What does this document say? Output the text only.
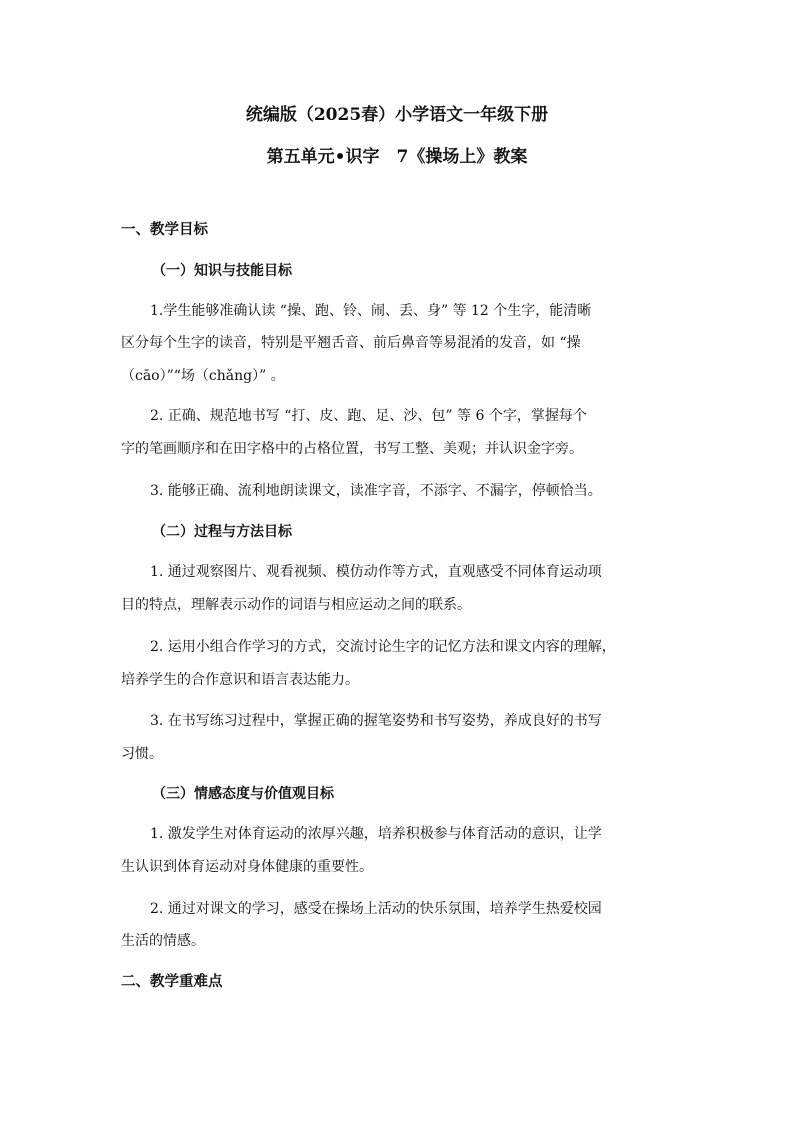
统编版（2025春）小学语文一年级下册
第五单元•识字　7《操场上》教案
一、教学目标
（一）知识与技能目标
1.学生能够准确认读 “操、跑、铃、闹、丢、身” 等 12 个生字，能清晰
区分每个生字的读音，特别是平翘舌音、前后鼻音等易混淆的发音，如 “操
（cāo）”“场（chǎng）” 。
2. 正确、规范地书写 “打、皮、跑、足、沙、包” 等 6 个字，掌握每个
字的笔画顺序和在田字格中的占格位置，书写工整、美观；并认识金字旁。
3. 能够正确、流利地朗读课文，读准字音，不添字、不漏字，停顿恰当。
（二）过程与方法目标
1. 通过观察图片、观看视频、模仿动作等方式，直观感受不同体育运动项
目的特点，理解表示动作的词语与相应运动之间的联系。
2. 运用小组合作学习的方式，交流讨论生字的记忆方法和课文内容的理解，
培养学生的合作意识和语言表达能力。
3. 在书写练习过程中，掌握正确的握笔姿势和书写姿势，养成良好的书写
习惯。
（三）情感态度与价值观目标
1. 激发学生对体育运动的浓厚兴趣，培养积极参与体育活动的意识，让学
生认识到体育运动对身体健康的重要性。
2. 通过对课文的学习，感受在操场上活动的快乐氛围，培养学生热爱校园
生活的情感。
二、教学重难点
